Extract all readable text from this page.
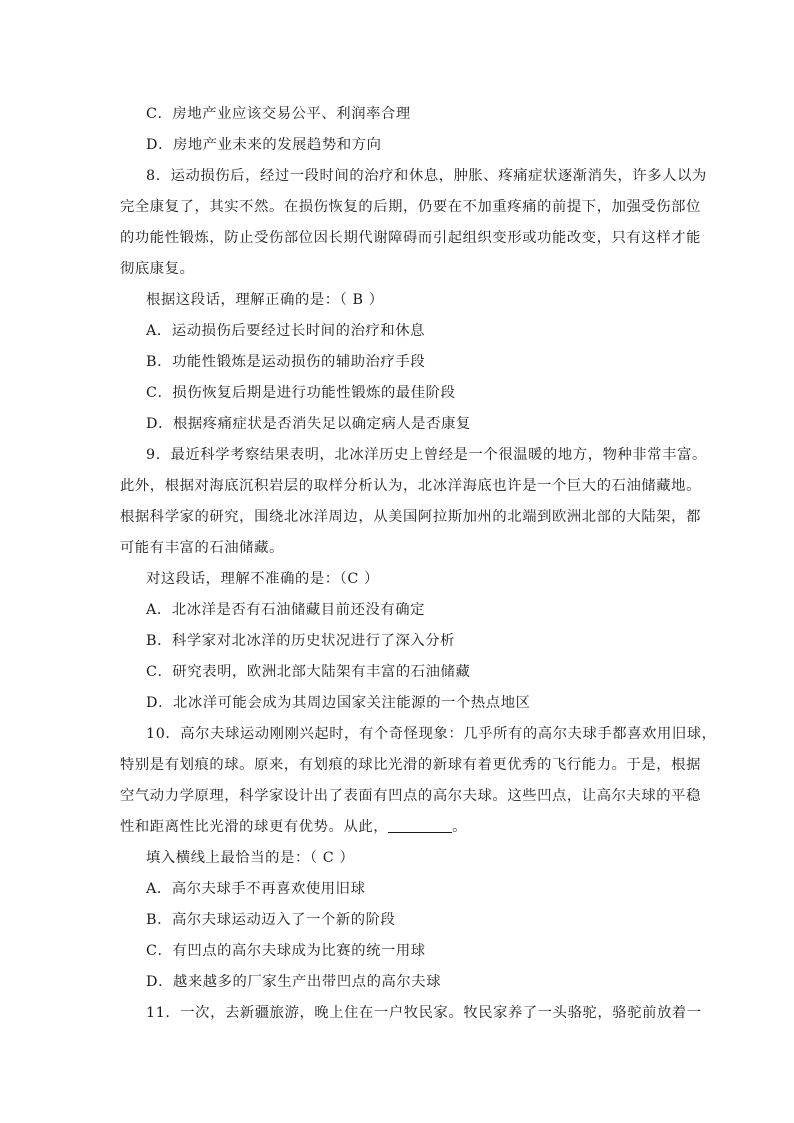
C．房地产业应该交易公平、利润率合理
D．房地产业未来的发展趋势和方向
8．运动损伤后，经过一段时间的治疗和休息，肿胀、疼痛症状逐渐消失，许多人以为
完全康复了，其实不然。在损伤恢复的后期，仍要在不加重疼痛的前提下，加强受伤部位
的功能性锻炼，防止受伤部位因长期代谢障碍而引起组织变形或功能改变，只有这样才能
彻底康复。
根据这段话，理解正确的是：（ B ）
A．运动损伤后要经过长时间的治疗和休息
B．功能性锻炼是运动损伤的辅助治疗手段
C．损伤恢复后期是进行功能性锻炼的最佳阶段
D．根据疼痛症状是否消失足以确定病人是否康复
9．最近科学考察结果表明，北冰洋历史上曾经是一个很温暖的地方，物种非常丰富。
此外，根据对海底沉积岩层的取样分析认为，北冰洋海底也许是一个巨大的石油储藏地。
根据科学家的研究，围绕北冰洋周边，从美国阿拉斯加州的北端到欧洲北部的大陆架，都
可能有丰富的石油储藏。
对这段话，理解不准确的是：（C ）
A．北冰洋是否有石油储藏目前还没有确定
B．科学家对北冰洋的历史状况进行了深入分析
C．研究表明，欧洲北部大陆架有丰富的石油储藏
D．北冰洋可能会成为其周边国家关注能源的一个热点地区
10．高尔夫球运动刚刚兴起时，有个奇怪现象：几乎所有的高尔夫球手都喜欢用旧球，
特别是有划痕的球。原来，有划痕的球比光滑的新球有着更优秀的飞行能力。于是，根据
空气动力学原理，科学家设计出了表面有凹点的高尔夫球。这些凹点，让高尔夫球的平稳
性和距离性比光滑的球更有优势。从此，	。
填入横线上最恰当的是：（ C ）
A．高尔夫球手不再喜欢使用旧球
B．高尔夫球运动迈入了一个新的阶段
C．有凹点的高尔夫球成为比赛的统一用球
D．越来越多的厂家生产出带凹点的高尔夫球
11．一次，去新疆旅游，晚上住在一户牧民家。牧民家养了一头骆驼，骆驼前放着一
